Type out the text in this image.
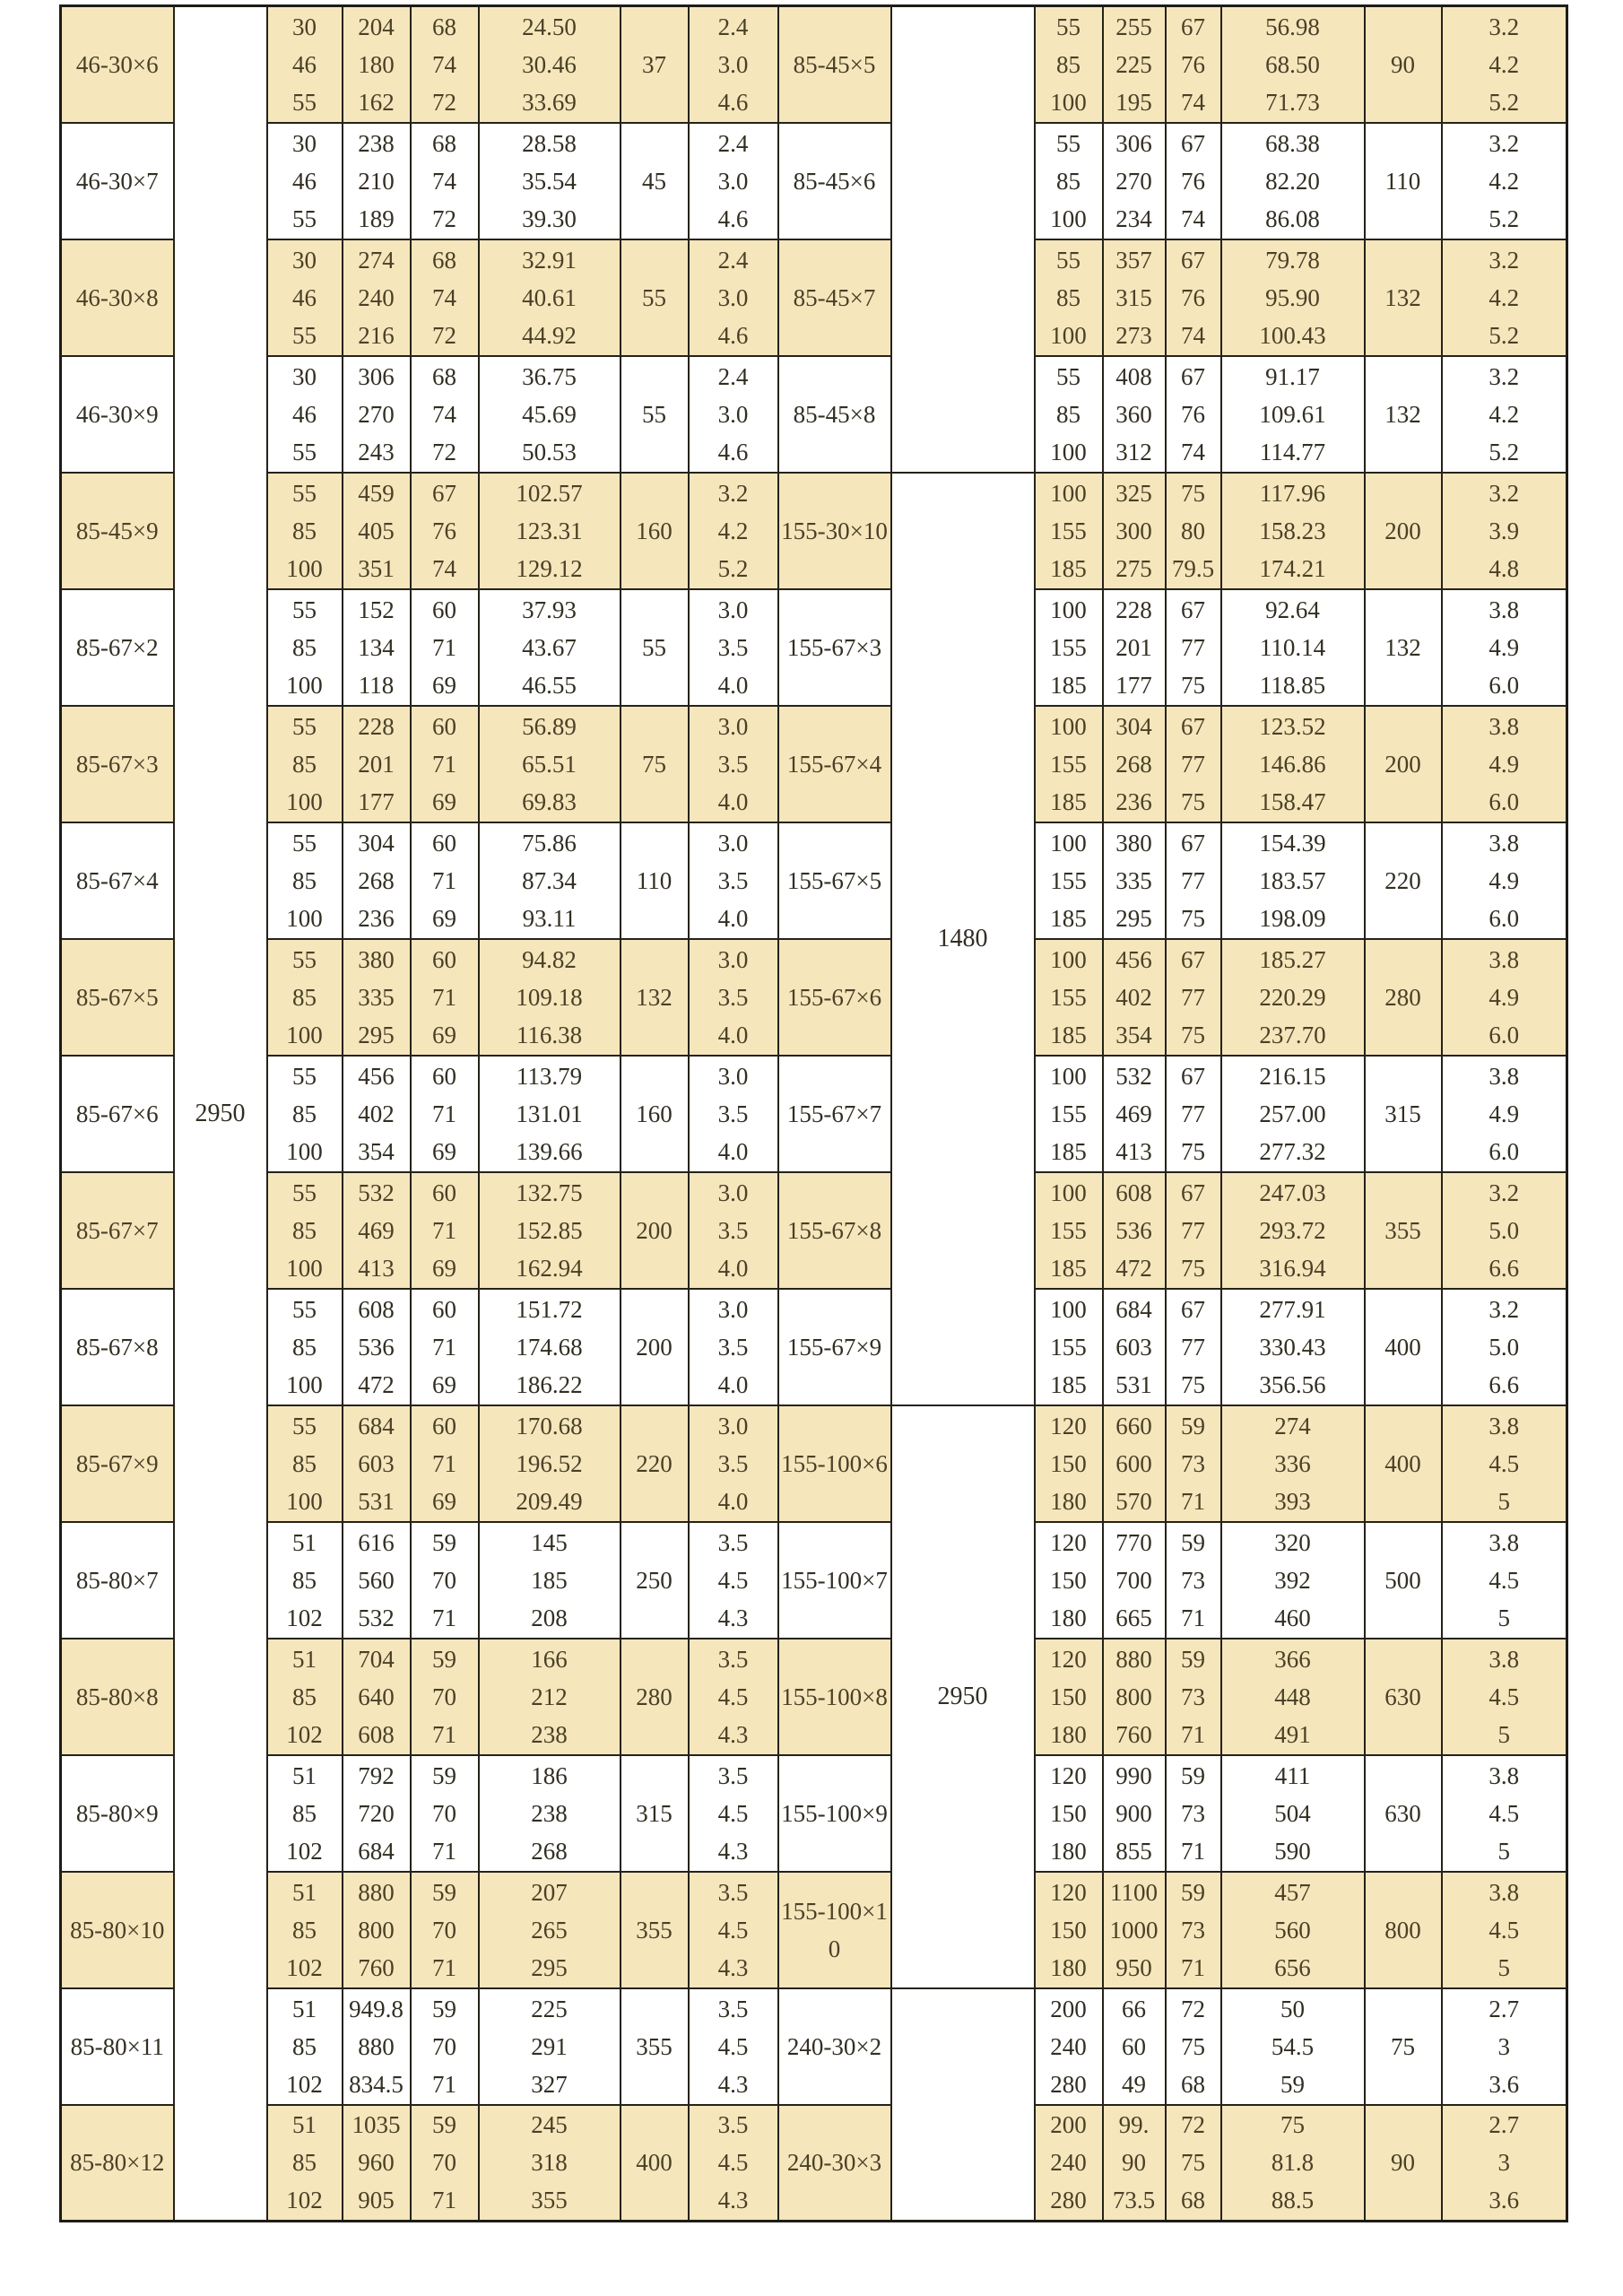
46-30×6	2950	30
46
55	204
180
162	68
74
72	24.50
30.46
33.69	37	2.4
3.0
4.6	85-45×5		55
85
100	255
225
195	67
76
74	56.98
68.50
71.73	90	3.2
4.2
5.2

46-30×7		30
46
55	238
210
189	68
74
72	28.58
35.54
39.30	45	2.4
3.0
4.6	85-45×6		55
85
100	306
270
234	67
76
74	68.38
82.20
86.08	110	3.2
4.2
5.2

46-30×8		30
46
55	274
240
216	68
74
72	32.91
40.61
44.92	55	2.4
3.0
4.6	85-45×7		55
85
100	357
315
273	67
76
74	79.78
95.90
100.43	132	3.2
4.2
5.2

46-30×9		30
46
55	306
270
243	68
74
72	36.75
45.69
50.53	55	2.4
3.0
4.6	85-45×8		55
85
100	408
360
312	67
76
74	91.17
109.61
114.77	132	3.2
4.2
5.2

85-45×9		55
85
100	459
405
351	67
76
74	102.57
123.31
129.12	160	3.2
4.2
5.2	155-30×10	1480	100
155
185	325
300
275	75
80
79.5	117.96
158.23
174.21	200	3.2
3.9
4.8

85-67×2		55
85
100	152
134
118	60
71
69	37.93
43.67
46.55	55	3.0
3.5
4.0	155-67×3		100
155
185	228
201
177	67
77
75	92.64
110.14
118.85	132	3.8
4.9
6.0

85-67×3		55
85
100	228
201
177	60
71
69	56.89
65.51
69.83	75	3.0
3.5
4.0	155-67×4		100
155
185	304
268
236	67
77
75	123.52
146.86
158.47	200	3.8
4.9
6.0

85-67×4		55
85
100	304
268
236	60
71
69	75.86
87.34
93.11	110	3.0
3.5
4.0	155-67×5		100
155
185	380
335
295	67
77
75	154.39
183.57
198.09	220	3.8
4.9
6.0

85-67×5		55
85
100	380
335
295	60
71
69	94.82
109.18
116.38	132	3.0
3.5
4.0	155-67×6		100
155
185	456
402
354	67
77
75	185.27
220.29
237.70	280	3.8
4.9
6.0

85-67×6		55
85
100	456
402
354	60
71
69	113.79
131.01
139.66	160	3.0
3.5
4.0	155-67×7		100
155
185	532
469
413	67
77
75	216.15
257.00
277.32	315	3.8
4.9
6.0

85-67×7		55
85
100	532
469
413	60
71
69	132.75
152.85
162.94	200	3.0
3.5
4.0	155-67×8		100
155
185	608
536
472	67
77
75	247.03
293.72
316.94	355	3.2
5.0
6.6

85-67×8		55
85
100	608
536
472	60
71
69	151.72
174.68
186.22	200	3.0
3.5
4.0	155-67×9		100
155
185	684
603
531	67
77
75	277.91
330.43
356.56	400	3.2
5.0
6.6

85-67×9		55
85
100	684
603
531	60
71
69	170.68
196.52
209.49	220	3.0
3.5
4.0	155-100×6	2950	120
150
180	660
600
570	59
73
71	274
336
393	400	3.8
4.5
5

85-80×7		51
85
102	616
560
532	59
70
71	145
185
208	250	3.5
4.5
4.3	155-100×7		120
150
180	770
700
665	59
73
71	320
392
460	500	3.8
4.5
5

85-80×8		51
85
102	704
640
608	59
70
71	166
212
238	280	3.5
4.5
4.3	155-100×8		120
150
180	880
800
760	59
73
71	366
448
491	630	3.8
4.5
5

85-80×9		51
85
102	792
720
684	59
70
71	186
238
268	315	3.5
4.5
4.3	155-100×9		120
150
180	990
900
855	59
73
71	411
504
590	630	3.8
4.5
5

85-80×10		51
85
102	880
800
760	59
70
71	207
265
295	355	3.5
4.5
4.3	155-100×10		120
150
180	1100
1000
950	59
73
71	457
560
656	800	3.8
4.5
5

85-80×11		51
85
102	949.8
880
834.5	59
70
71	225
291
327	355	3.5
4.5
4.3	240-30×2		200
240
280	66
60
49	72
75
68	50
54.5
59	75	2.7
3
3.6

85-80×12		51
85
102	1035
960
905	59
70
71	245
318
355	400	3.5
4.5
4.3	240-30×3		200
240
280	99.
90
73.5	72
75
68	75
81.8
88.5	90	2.7
3
3.6
